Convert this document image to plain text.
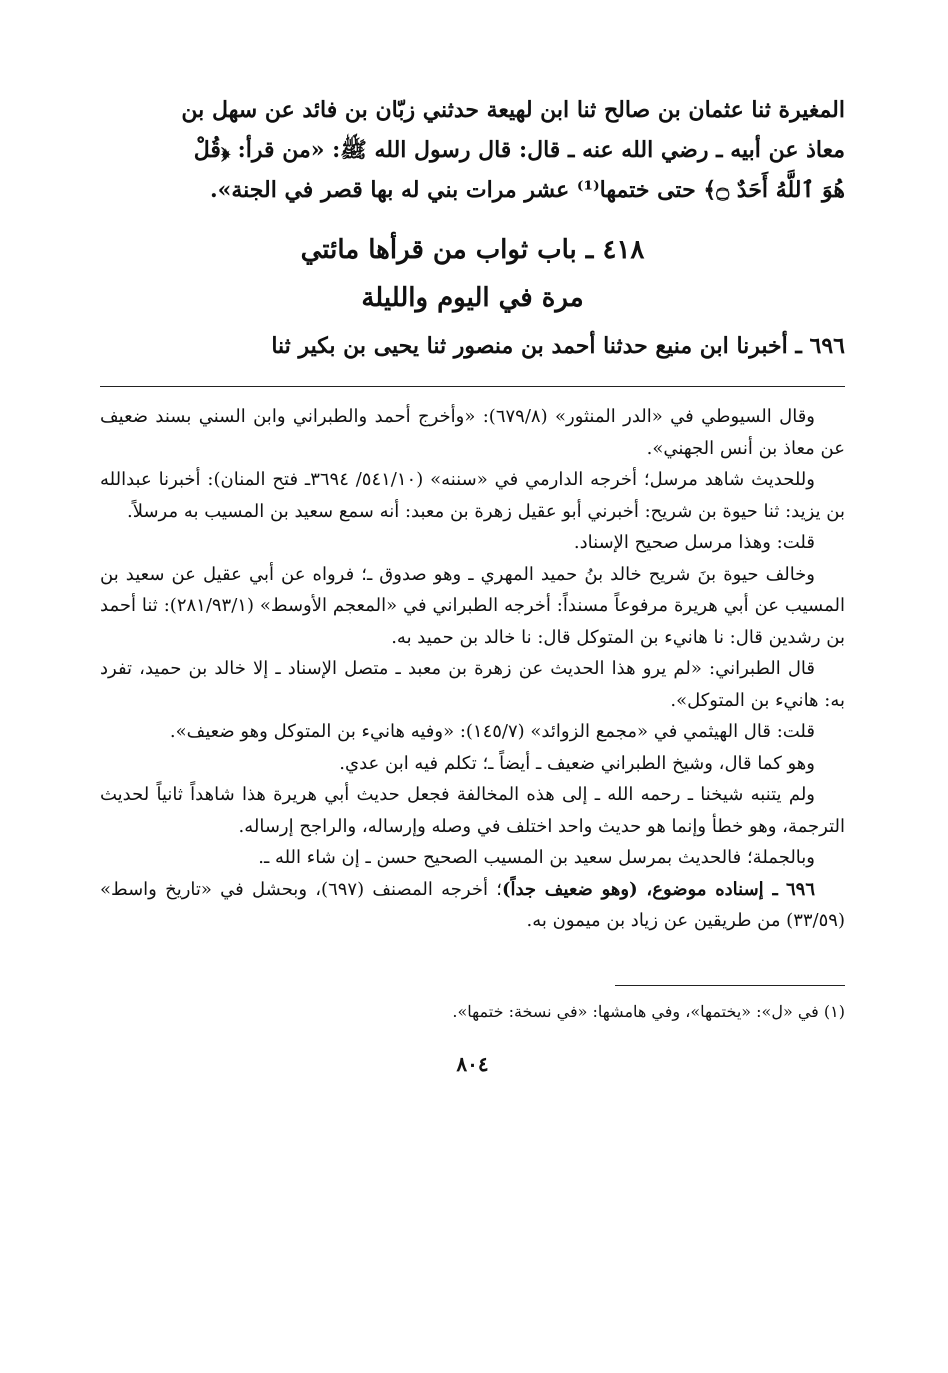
المغيرة ثنا عثمان بن صالح ثنا ابن لهيعة حدثني زبّان بن فائد عن سهل بن

معاذ عن أبيه ـ رضي الله عنه ـ قال: قال رسول الله ﷺ: «من قرأ: ﴿قُلْ

هُوَ ٱللَّهُ أَحَدٌ ۝﴾ حتى ختمها⁽¹⁾ عشر مرات بني له بها قصر في الجنة».

٤١٨ ـ باب ثواب من قرأها مائتي
مرة في اليوم والليلة

٦٩٦ ـ أخبرنا ابن منيع حدثنا أحمد بن منصور ثنا يحيى بن بكير ثنا

وقال السيوطي في «الدر المنثور» (٦٧٩/٨): «وأخرج أحمد والطبراني وابن السني بسند ضعيف عن معاذ بن أنس الجهني».

وللحديث شاهد مرسل؛ أخرجه الدارمي في «سننه» (٥٤١/١٠/ ٣٦٩٤ـ فتح المنان): أخبرنا عبدالله بن يزيد: ثنا حيوة بن شريح: أخبرني أبو عقيل زهرة بن معبد: أنه سمع سعيد بن المسيب به مرسلاً.

قلت: وهذا مرسل صحيح الإسناد.

وخالف حيوة بنَ شريح خالد بنُ حميد المهري ـ وهو صدوق ـ؛ فرواه عن أبي عقيل عن سعيد بن المسيب عن أبي هريرة مرفوعاً مسنداً: أخرجه الطبراني في «المعجم الأوسط» (٢٨١/٩٣/١): ثنا أحمد بن رشدين قال: نا هانيء بن المتوكل قال: نا خالد بن حميد به.

قال الطبراني: «لم يرو هذا الحديث عن زهرة بن معبد ـ متصل الإسناد ـ إلا خالد بن حميد، تفرد به: هانيء بن المتوكل».

قلت: قال الهيثمي في «مجمع الزوائد» (١٤٥/٧): «وفيه هانيء بن المتوكل وهو ضعيف».

وهو كما قال، وشيخ الطبراني ضعيف ـ أيضاً ـ؛ تكلم فيه ابن عدي.

ولم يتنبه شيخنا ـ رحمه الله ـ إلى هذه المخالفة فجعل حديث أبي هريرة هذا شاهداً ثانياً لحديث الترجمة، وهو خطأ وإنما هو حديث واحد اختلف في وصله وإرساله، والراجح إرساله.

وبالجملة؛ فالحديث بمرسل سعيد بن المسيب الصحيح حسن ـ إن شاء الله ـ.

٦٩٦ ـ إسناده موضوع، (وهو ضعيف جداً)؛ أخرجه المصنف (٦٩٧)، وبحشل في «تاريخ واسط» (٣٣/٥٩) من طريقين عن زياد بن ميمون به.

(١) في «ل»: «يختمها»، وفي هامشها: «في نسخة: ختمها».

٨٠٤
